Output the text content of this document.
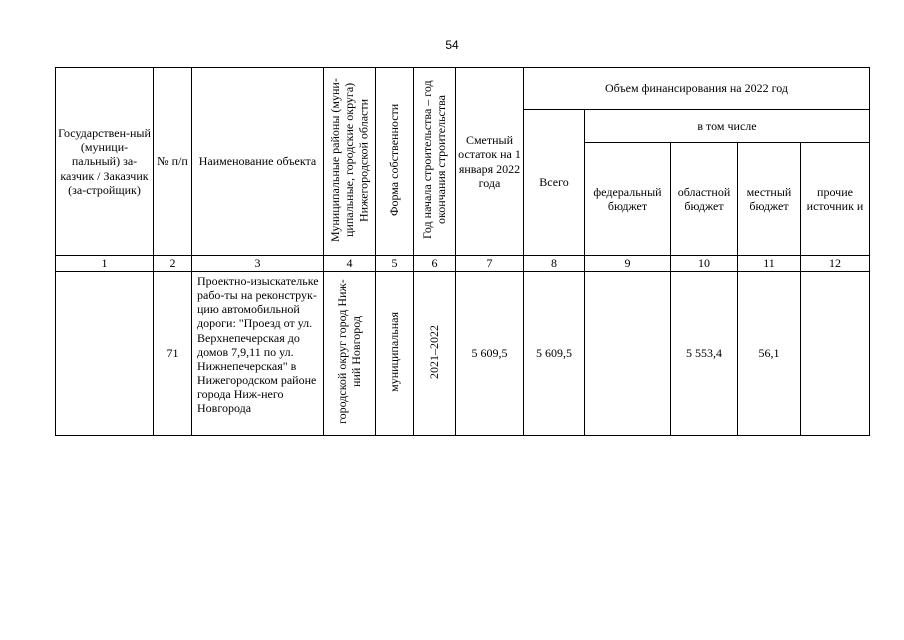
54
Государствен-ный (муници-пальный) за-казчик / Заказчик (за-стройщик)	№ п/п	Наименование объекта	Муниципальные районы (муни-ципальные, городские округа) Нижегородской области	Форма собственности	Год начала строительства – год окончания строительства	Сметный остаток на 1 января 2022 года	Объем финансирования на 2022 год				
							Всего	в том числе			
								федеральный бюджет	областной бюджет	местный бюджет	прочие источник и
1	2	3	4	5	6	7	8	9	10	11	12
	71	Проектно-изыскательке рабо-ты на реконструк-цию автомобильной дороги: "Проезд от ул. Верхнепечерская до домов 7,9,11 по ул. Нижнепечерская" в Нижегородском районе города Ниж-него Новгорода	городской округ город Ниж-ний Новгород	муниципальная	2021–2022	5 609,5	5 609,5		5 553,4	56,1	
